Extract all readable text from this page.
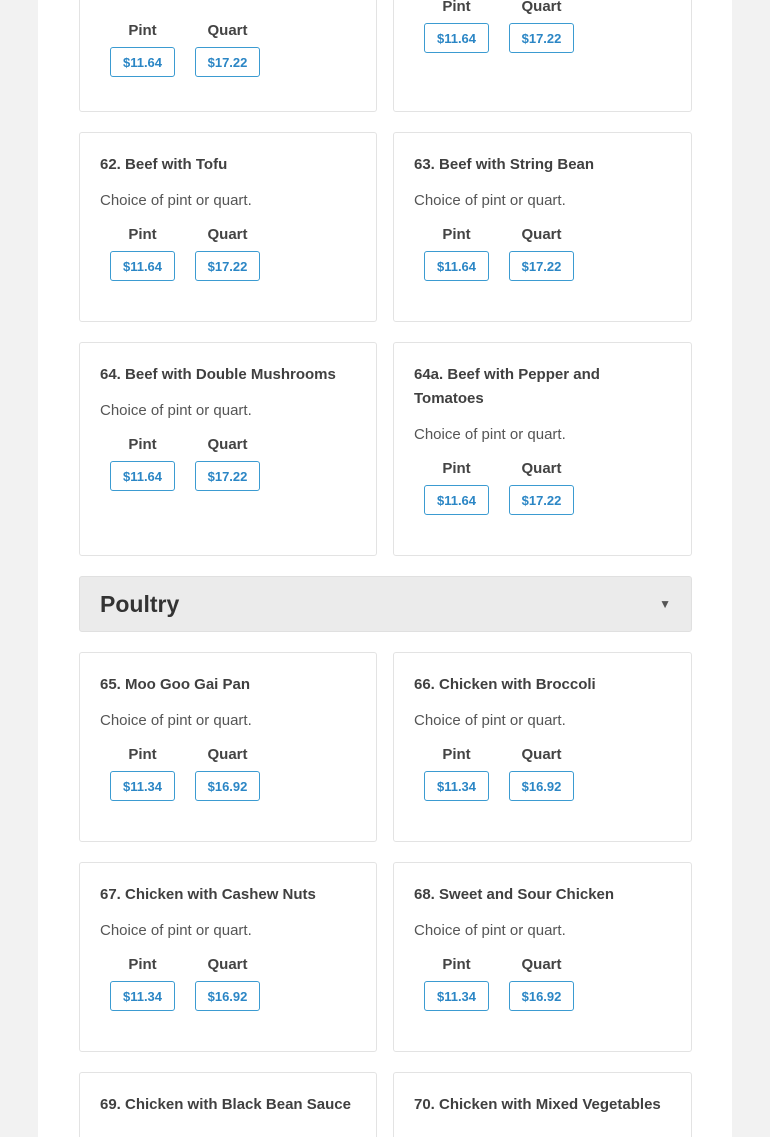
Pint
$11.64
Quart
$17.22
Pint
$11.64
Quart
$17.22
62. Beef with Tofu
Choice of pint or quart.
Pint
$11.64
Quart
$17.22
63. Beef with String Bean
Choice of pint or quart.
Pint
$11.64
Quart
$17.22
64. Beef with Double Mushrooms
Choice of pint or quart.
Pint
$11.64
Quart
$17.22
64a. Beef with Pepper and Tomatoes
Choice of pint or quart.
Pint
$11.64
Quart
$17.22
Poultry	▼
65. Moo Goo Gai Pan
Choice of pint or quart.
Pint
$11.34
Quart
$16.92
66. Chicken with Broccoli
Choice of pint or quart.
Pint
$11.34
Quart
$16.92
67. Chicken with Cashew Nuts
Choice of pint or quart.
Pint
$11.34
Quart
$16.92
68. Sweet and Sour Chicken
Choice of pint or quart.
Pint
$11.34
Quart
$16.92
69. Chicken with Black Bean Sauce	70. Chicken with Mixed Vegetables
